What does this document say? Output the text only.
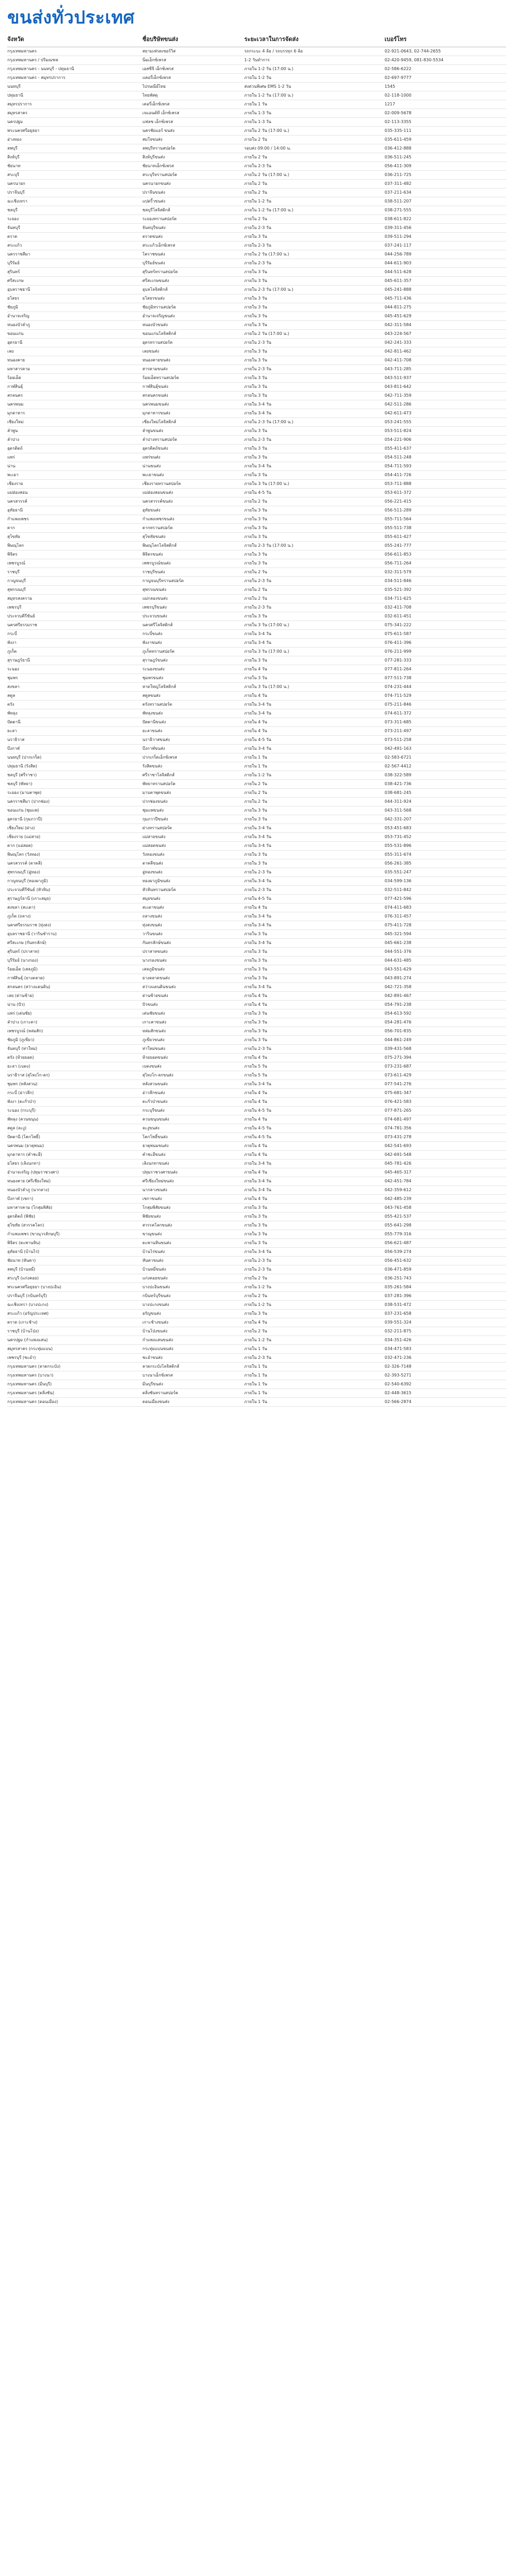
ขนส่งทั่วประเทศ
จังหวัด	ชื่อบริษัทขนส่ง	ระยะเวลาในการจัดส่ง	เบอร์โทร
กรุงเทพมหานคร	สยามเฟรตเซอร์วิส	รถกระบะ 4 ล้อ / รถบรรทุก 6 ล้อ	02-921-0643, 02-744-2655
กรุงเทพมหานคร / ปริมณฑล	นิ่มเอ็กซ์เพรส	1-2 วันทำการ	02-420-9459, 081-830-5534
กรุงเทพมหานคร - นนทบุรี - ปทุมธานี	เอสซีจี เอ็กซ์เพรส	ภายใน 1-2 วัน (17:00 น.)	02-586-6222
กรุงเทพมหานคร - สมุทรปราการ	แคอรี่เอ็กซ์เพรส	ภายใน 1-2 วัน	02-697-9777
นนทบุรี	ไปรษณีย์ไทย	ส่งด่วนพิเศษ EMS 1-2 วัน	1545
ปทุมธานี	ไทยพัสดุ	ภายใน 1-2 วัน (17:00 น.)	02-118-1000
สมุทรปราการ	เคอรี่เอ็กซ์เพรส	ภายใน 1 วัน	1217
สมุทรสาคร	เจแอนด์ที เอ็กซ์เพรส	ภายใน 1-3 วัน	02-009-5678
นครปฐม	แฟลช เอ็กซ์เพรส	ภายใน 1-3 วัน	02-113-3355
พระนครศรีอยุธยา	นครชัยแอร์ ขนส่ง	ภายใน 2 วัน (17:00 น.)	035-335-111
อ่างทอง	สมใจขนส่ง	ภายใน 2 วัน	035-611-459
ลพบุรี	ลพบุรีทรานสปอร์ต	รอบส่ง 09:00 / 14:00 น.	036-412-888
สิงห์บุรี	สิงห์บุรีขนส่ง	ภายใน 2 วัน	036-511-245
ชัยนาท	ชัยนาทเอ็กซ์เพรส	ภายใน 2-3 วัน	056-411-309
สระบุรี	สระบุรีทรานสปอร์ต	ภายใน 2 วัน (17:00 น.)	036-211-725
นครนายก	นครนายกขนส่ง	ภายใน 2 วัน	037-311-482
ปราจีนบุรี	ปราจีนขนส่ง	ภายใน 2 วัน	037-211-634
ฉะเชิงเทรา	แปดริ้วขนส่ง	ภายใน 1-2 วัน	038-511-207
ชลบุรี	ชลบุรีโลจิสติกส์	ภายใน 1-2 วัน (17:00 น.)	038-271-555
ระยอง	ระยองทรานสปอร์ต	ภายใน 2 วัน	038-611-822
จันทบุรี	จันทบุรีขนส่ง	ภายใน 2-3 วัน	039-311-456
ตราด	ตราดขนส่ง	ภายใน 3 วัน	039-511-294
สระแก้ว	สระแก้วเอ็กซ์เพรส	ภายใน 2-3 วัน	037-241-117
นครราชสีมา	โคราชขนส่ง	ภายใน 2 วัน (17:00 น.)	044-256-789
บุรีรัมย์	บุรีรัมย์ขนส่ง	ภายใน 2-3 วัน	044-611-903
สุรินทร์	สุรินทร์ทรานสปอร์ต	ภายใน 3 วัน	044-511-628
ศรีสะเกษ	ศรีสะเกษขนส่ง	ภายใน 3 วัน	045-611-357
อุบลราชธานี	อุบลโลจิสติกส์	ภายใน 2-3 วัน (17:00 น.)	045-241-888
ยโสธร	ยโสธรขนส่ง	ภายใน 3 วัน	045-711-436
ชัยภูมิ	ชัยภูมิทรานสปอร์ต	ภายใน 3 วัน	044-811-275
อำนาจเจริญ	อำนาจเจริญขนส่ง	ภายใน 3 วัน	045-451-629
หนองบัวลำภู	หนองบัวขนส่ง	ภายใน 3 วัน	042-311-584
ขอนแก่น	ขอนแก่นโลจิสติกส์	ภายใน 2 วัน (17:00 น.)	043-224-567
อุดรธานี	อุดรทรานสปอร์ต	ภายใน 2-3 วัน	042-241-333
เลย	เลยขนส่ง	ภายใน 3 วัน	042-811-462
หนองคาย	หนองคายขนส่ง	ภายใน 3 วัน	042-411-708
มหาสารคาม	สารคามขนส่ง	ภายใน 2-3 วัน	043-711-285
ร้อยเอ็ด	ร้อยเอ็ดทรานสปอร์ต	ภายใน 3 วัน	043-511-937
กาฬสินธุ์	กาฬสินธุ์ขนส่ง	ภายใน 3 วัน	043-811-642
สกลนคร	สกลนครขนส่ง	ภายใน 3 วัน	042-711-359
นครพนม	นครพนมขนส่ง	ภายใน 3-4 วัน	042-511-286
มุกดาหาร	มุกดาหารขนส่ง	ภายใน 3-4 วัน	042-611-473
เชียงใหม่	เชียงใหม่โลจิสติกส์	ภายใน 2-3 วัน (17:00 น.)	053-241-555
ลำพูน	ลำพูนขนส่ง	ภายใน 3 วัน	053-511-824
ลำปาง	ลำปางทรานสปอร์ต	ภายใน 2-3 วัน	054-221-906
อุตรดิตถ์	อุตรดิตถ์ขนส่ง	ภายใน 3 วัน	055-411-637
แพร่	แพร่ขนส่ง	ภายใน 3 วัน	054-511-248
น่าน	น่านขนส่ง	ภายใน 3-4 วัน	054-711-593
พะเยา	พะเยาขนส่ง	ภายใน 3 วัน	054-411-726
เชียงราย	เชียงรายทรานสปอร์ต	ภายใน 3 วัน (17:00 น.)	053-711-888
แม่ฮ่องสอน	แม่ฮ่องสอนขนส่ง	ภายใน 4-5 วัน	053-611-372
นครสวรรค์	นครสวรรค์ขนส่ง	ภายใน 2 วัน	056-221-415
อุทัยธานี	อุทัยขนส่ง	ภายใน 3 วัน	056-511-289
กำแพงเพชร	กำแพงเพชรขนส่ง	ภายใน 3 วัน	055-711-564
ตาก	ตากทรานสปอร์ต	ภายใน 3 วัน	055-511-738
สุโขทัย	สุโขทัยขนส่ง	ภายใน 3 วัน	055-611-427
พิษณุโลก	พิษณุโลกโลจิสติกส์	ภายใน 2-3 วัน (17:00 น.)	055-241-777
พิจิตร	พิจิตรขนส่ง	ภายใน 3 วัน	056-611-853
เพชรบูรณ์	เพชรบูรณ์ขนส่ง	ภายใน 3 วัน	056-711-264
ราชบุรี	ราชบุรีขนส่ง	ภายใน 2 วัน	032-311-579
กาญจนบุรี	กาญจนบุรีทรานสปอร์ต	ภายใน 2-3 วัน	034-511-846
สุพรรณบุรี	สุพรรณขนส่ง	ภายใน 2 วัน	035-521-392
สมุทรสงคราม	แม่กลองขนส่ง	ภายใน 2 วัน	034-711-625
เพชรบุรี	เพชรบุรีขนส่ง	ภายใน 2-3 วัน	032-411-708
ประจวบคีรีขันธ์	ประจวบขนส่ง	ภายใน 3 วัน	032-611-451
นครศรีธรรมราช	นครศรีโลจิสติกส์	ภายใน 3 วัน (17:00 น.)	075-341-222
กระบี่	กระบี่ขนส่ง	ภายใน 3-4 วัน	075-611-587
พังงา	พังงาขนส่ง	ภายใน 3-4 วัน	076-411-396
ภูเก็ต	ภูเก็ตทรานสปอร์ต	ภายใน 3 วัน (17:00 น.)	076-211-999
สุราษฎร์ธานี	สุราษฎร์ขนส่ง	ภายใน 3 วัน	077-281-333
ระนอง	ระนองขนส่ง	ภายใน 4 วัน	077-811-264
ชุมพร	ชุมพรขนส่ง	ภายใน 3 วัน	077-511-738
สงขลา	หาดใหญ่โลจิสติกส์	ภายใน 3 วัน (17:00 น.)	074-231-444
สตูล	สตูลขนส่ง	ภายใน 4 วัน	074-711-529
ตรัง	ตรังทรานสปอร์ต	ภายใน 3-4 วัน	075-211-846
พัทลุง	พัทลุงขนส่ง	ภายใน 3-4 วัน	074-611-372
ปัตตานี	ปัตตานีขนส่ง	ภายใน 4 วัน	073-311-685
ยะลา	ยะลาขนส่ง	ภายใน 4 วัน	073-211-497
นราธิวาส	นราธิวาสขนส่ง	ภายใน 4-5 วัน	073-511-258
บึงกาฬ	บึงกาฬขนส่ง	ภายใน 3-4 วัน	042-491-163
นนทบุรี (ปากเกร็ด)	ปากเกร็ดเอ็กซ์เพรส	ภายใน 1 วัน	02-583-6721
ปทุมธานี (รังสิต)	รังสิตขนส่ง	ภายใน 1 วัน	02-567-4412
ชลบุรี (ศรีราชา)	ศรีราชาโลจิสติกส์	ภายใน 1-2 วัน	038-322-589
ชลบุรี (พัทยา)	พัทยาทรานสปอร์ต	ภายใน 2 วัน	038-421-736
ระยอง (มาบตาพุด)	มาบตาพุดขนส่ง	ภายใน 2 วัน	038-681-245
นครราชสีมา (ปากช่อง)	ปากช่องขนส่ง	ภายใน 2 วัน	044-311-924
ขอนแก่น (ชุมแพ)	ชุมแพขนส่ง	ภายใน 3 วัน	043-311-568
อุดรธานี (กุมภวาปี)	กุมภวาปีขนส่ง	ภายใน 3 วัน	042-331-207
เชียงใหม่ (ฝาง)	ฝางทรานสปอร์ต	ภายใน 3-4 วัน	053-451-683
เชียงราย (แม่สาย)	แม่สายขนส่ง	ภายใน 3-4 วัน	053-731-452
ตาก (แม่สอด)	แม่สอดขนส่ง	ภายใน 3-4 วัน	055-531-896
พิษณุโลก (วังทอง)	วังทองขนส่ง	ภายใน 3 วัน	055-311-674
นครสวรรค์ (ตาคลี)	ตาคลีขนส่ง	ภายใน 3 วัน	056-261-385
สุพรรณบุรี (อู่ทอง)	อู่ทองขนส่ง	ภายใน 2-3 วัน	035-551-247
กาญจนบุรี (ทองผาภูมิ)	ทองผาภูมิขนส่ง	ภายใน 3-4 วัน	034-599-136
ประจวบคีรีขันธ์ (หัวหิน)	หัวหินทรานสปอร์ต	ภายใน 2-3 วัน	032-511-842
สุราษฎร์ธานี (เกาะสมุย)	สมุยขนส่ง	ภายใน 4-5 วัน	077-421-596
สงขลา (สะเดา)	สะเดาขนส่ง	ภายใน 4 วัน	074-411-683
ภูเก็ต (ถลาง)	ถลางขนส่ง	ภายใน 3-4 วัน	076-311-457
นครศรีธรรมราช (ทุ่งสง)	ทุ่งสงขนส่ง	ภายใน 3-4 วัน	075-411-728
อุบลราชธานี (วารินชำราบ)	วารินขนส่ง	ภายใน 3 วัน	045-321-594
ศรีสะเกษ (กันทรลักษ์)	กันทรลักษ์ขนส่ง	ภายใน 3-4 วัน	045-661-238
สุรินทร์ (ปราสาท)	ปราสาทขนส่ง	ภายใน 3 วัน	044-551-376
บุรีรัมย์ (นางรอง)	นางรองขนส่ง	ภายใน 3 วัน	044-631-485
ร้อยเอ็ด (เสลภูมิ)	เสลภูมิขนส่ง	ภายใน 3 วัน	043-551-629
กาฬสินธุ์ (ยางตลาด)	ยางตลาดขนส่ง	ภายใน 3 วัน	043-891-274
สกลนคร (สว่างแดนดิน)	สว่างแดนดินขนส่ง	ภายใน 3-4 วัน	042-721-358
เลย (ด่านซ้าย)	ด่านซ้ายขนส่ง	ภายใน 4 วัน	042-891-467
น่าน (ปัว)	ปัวขนส่ง	ภายใน 4 วัน	054-791-238
แพร่ (เด่นชัย)	เด่นชัยขนส่ง	ภายใน 3 วัน	054-613-592
ลำปาง (เกาะคา)	เกาะคาขนส่ง	ภายใน 3 วัน	054-281-476
เพชรบูรณ์ (หล่มสัก)	หล่มสักขนส่ง	ภายใน 3 วัน	056-701-835
ชัยภูมิ (ภูเขียว)	ภูเขียวขนส่ง	ภายใน 3 วัน	044-861-249
จันทบุรี (ท่าใหม่)	ท่าใหม่ขนส่ง	ภายใน 2-3 วัน	039-431-568
ตรัง (ห้วยยอด)	ห้วยยอดขนส่ง	ภายใน 4 วัน	075-271-394
ยะลา (เบตง)	เบตงขนส่ง	ภายใน 5 วัน	073-231-687
นราธิวาส (สุไหงโก-ลก)	สุไหงโก-ลกขนส่ง	ภายใน 5 วัน	073-611-429
ชุมพร (หลังสวน)	หลังสวนขนส่ง	ภายใน 3-4 วัน	077-541-276
กระบี่ (อ่าวลึก)	อ่าวลึกขนส่ง	ภายใน 4 วัน	075-681-347
พังงา (ตะกั่วป่า)	ตะกั่วป่าขนส่ง	ภายใน 4 วัน	076-421-583
ระนอง (กระบุรี)	กระบุรีขนส่ง	ภายใน 4-5 วัน	077-871-265
พัทลุง (ควนขนุน)	ควนขนุนขนส่ง	ภายใน 4 วัน	074-681-497
สตูล (ละงู)	ละงูขนส่ง	ภายใน 4-5 วัน	074-781-356
ปัตตานี (โคกโพธิ์)	โคกโพธิ์ขนส่ง	ภายใน 4-5 วัน	073-431-278
นครพนม (ธาตุพนม)	ธาตุพนมขนส่ง	ภายใน 4 วัน	042-541-693
มุกดาหาร (คำชะอี)	คำชะอีขนส่ง	ภายใน 4 วัน	042-691-548
ยโสธร (เลิงนกทา)	เลิงนกทาขนส่ง	ภายใน 3-4 วัน	045-781-426
อำนาจเจริญ (ปทุมราชวงศา)	ปทุมราชวงศาขนส่ง	ภายใน 4 วัน	045-465-317
หนองคาย (ศรีเชียงใหม่)	ศรีเชียงใหม่ขนส่ง	ภายใน 3-4 วัน	042-451-784
หนองบัวลำภู (นากลาง)	นากลางขนส่ง	ภายใน 3-4 วัน	042-359-612
บึงกาฬ (เซกา)	เซกาขนส่ง	ภายใน 4 วัน	042-485-239
มหาสารคาม (โกสุมพิสัย)	โกสุมพิสัยขนส่ง	ภายใน 3 วัน	043-761-458
อุตรดิตถ์ (พิชัย)	พิชัยขนส่ง	ภายใน 3 วัน	055-421-537
สุโขทัย (สวรรคโลก)	สวรรคโลกขนส่ง	ภายใน 3 วัน	055-641-298
กำแพงเพชร (ขาณุวรลักษบุรี)	ขาณุขนส่ง	ภายใน 3 วัน	055-779-316
พิจิตร (ตะพานหิน)	ตะพานหินขนส่ง	ภายใน 3 วัน	056-621-487
อุทัยธานี (บ้านไร่)	บ้านไร่ขนส่ง	ภายใน 3-4 วัน	056-539-274
ชัยนาท (หันคา)	หันคาขนส่ง	ภายใน 2-3 วัน	056-451-632
ลพบุรี (บ้านหมี่)	บ้านหมี่ขนส่ง	ภายใน 2-3 วัน	036-471-859
สระบุรี (แก่งคอย)	แก่งคอยขนส่ง	ภายใน 2 วัน	036-251-743
พระนครศรีอยุธยา (บางปะอิน)	บางปะอินขนส่ง	ภายใน 1-2 วัน	035-261-584
ปราจีนบุรี (กบินทร์บุรี)	กบินทร์บุรีขนส่ง	ภายใน 2 วัน	037-281-396
ฉะเชิงเทรา (บางปะกง)	บางปะกงขนส่ง	ภายใน 1-2 วัน	038-531-472
สระแก้ว (อรัญประเทศ)	อรัญขนส่ง	ภายใน 3 วัน	037-231-658
ตราด (เกาะช้าง)	เกาะช้างขนส่ง	ภายใน 4 วัน	039-551-324
ราชบุรี (บ้านโป่ง)	บ้านโป่งขนส่ง	ภายใน 2 วัน	032-211-875
นครปฐม (กำแพงแสน)	กำแพงแสนขนส่ง	ภายใน 1-2 วัน	034-351-426
สมุทรสาคร (กระทุ่มแบน)	กระทุ่มแบนขนส่ง	ภายใน 1 วัน	034-471-583
เพชรบุรี (ชะอำ)	ชะอำขนส่ง	ภายใน 2-3 วัน	032-471-236
กรุงเทพมหานคร (ลาดกระบัง)	ลาดกระบังโลจิสติกส์	ภายใน 1 วัน	02-326-7148
กรุงเทพมหานคร (บางนา)	บางนาเอ็กซ์เพรส	ภายใน 1 วัน	02-393-5271
กรุงเทพมหานคร (มีนบุรี)	มีนบุรีขนส่ง	ภายใน 1 วัน	02-540-6392
กรุงเทพมหานคร (ตลิ่งชัน)	ตลิ่งชันทรานสปอร์ต	ภายใน 1 วัน	02-448-3615
กรุงเทพมหานคร (ดอนเมือง)	ดอนเมืองขนส่ง	ภายใน 1 วัน	02-566-2874
